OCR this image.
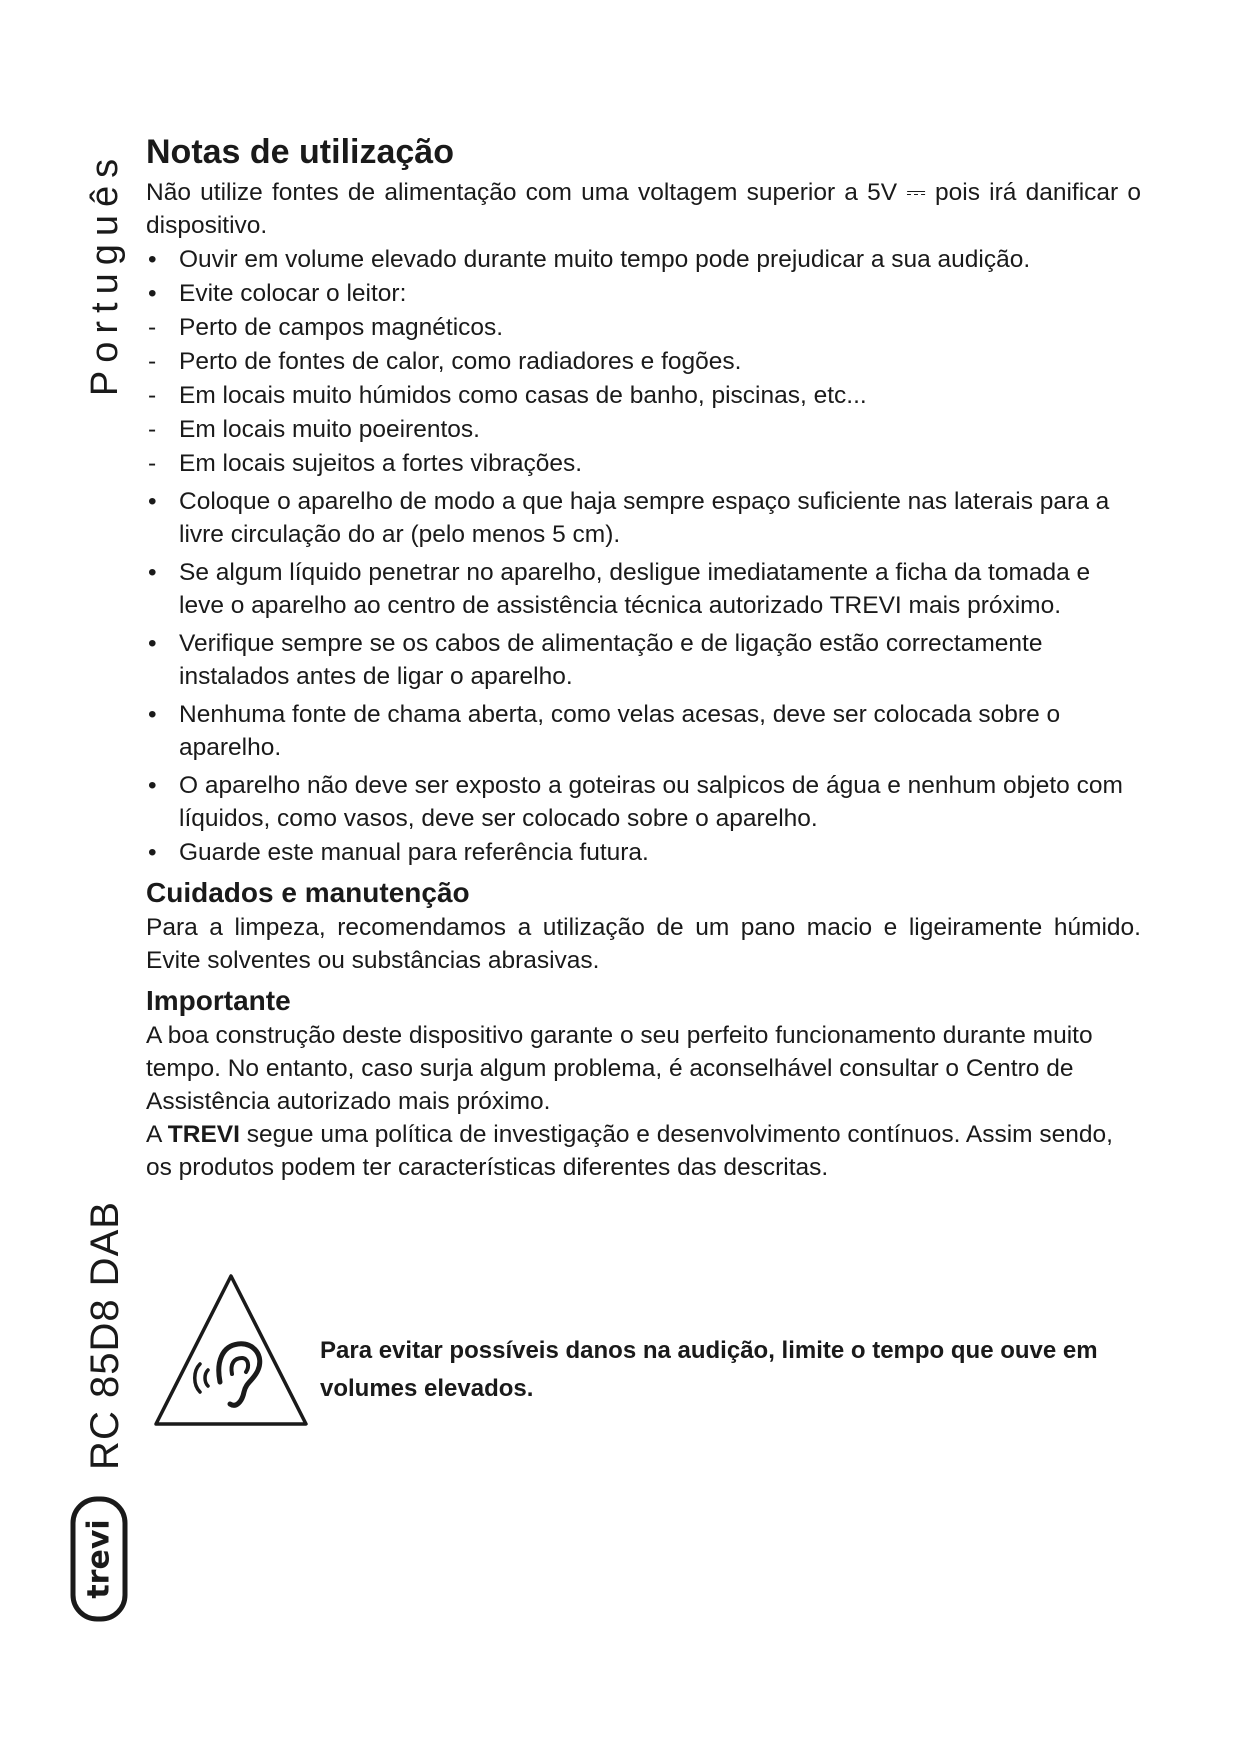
Português
RC 85D8 DAB
trevi
Notas de utilização

Não utilize fontes de alimentação com uma voltagem superior a 5V ⎓ pois irá danificar o dispositivo.

• Ouvir em volume elevado durante muito tempo pode prejudicar a sua audição.
• Evite colocar o leitor:
- Perto de campos magnéticos.
- Perto de fontes de calor, como radiadores e fogões.
- Em locais muito húmidos como casas de banho, piscinas, etc...
- Em locais muito poeirentos.
- Em locais sujeitos a fortes vibrações.
• Coloque o aparelho de modo a que haja sempre espaço suficiente nas laterais para a livre circulação do ar (pelo menos 5 cm).
• Se algum líquido penetrar no aparelho, desligue imediatamente a ficha da tomada e leve o aparelho ao centro de assistência técnica autorizado TREVI mais próximo.
• Verifique sempre se os cabos de alimentação e de ligação estão correctamente instalados antes de ligar o aparelho.
• Nenhuma fonte de chama aberta, como velas acesas, deve ser colocada sobre o aparelho.
• O aparelho não deve ser exposto a goteiras ou salpicos de água e nenhum objeto com líquidos, como vasos, deve ser colocado sobre o aparelho.
• Guarde este manual para referência futura.
Cuidados e manutenção

Para a limpeza, recomendamos a utilização de um pano macio e ligeiramente húmido. Evite solventes ou substâncias abrasivas.

Importante

A boa construção deste dispositivo garante o seu perfeito funcionamento durante muito tempo. No entanto, caso surja algum problema, é aconselhável consultar o Centro de Assistência autorizado mais próximo.

A TREVI segue uma política de investigação e desenvolvimento contínuos. Assim sendo, os produtos podem ter características diferentes das descritas.

Para evitar possíveis danos na audição, limite o tempo que ouve em volumes elevados.
